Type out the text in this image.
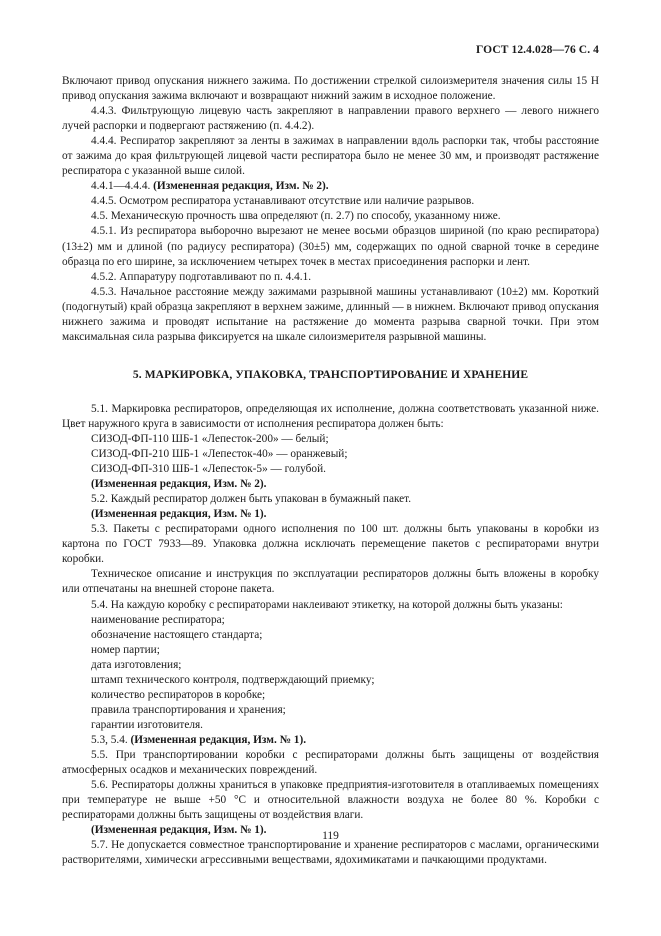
ГОСТ 12.4.028—76 С. 4

Включают привод опускания нижнего зажима. По достижении стрелкой силоизмерителя значения силы 15 Н привод опускания зажима включают и возвращают нижний зажим в исходное положение.

4.4.3. Фильтрующую лицевую часть закрепляют в направлении правого верхнего — левого нижнего лучей распорки и подвергают растяжению (п. 4.4.2).

4.4.4. Респиратор закрепляют за ленты в зажимах в направлении вдоль распорки так, чтобы расстояние от зажима до края фильтрующей лицевой части респиратора было не менее 30 мм, и производят растяжение респиратора с указанной выше силой.

4.4.1—4.4.4. (Измененная редакция, Изм. № 2).

4.4.5. Осмотром респиратора устанавливают отсутствие или наличие разрывов.

4.5. Механическую прочность шва определяют (п. 2.7) по способу, указанному ниже.

4.5.1. Из респиратора выборочно вырезают не менее восьми образцов шириной (по краю респиратора) (13±2) мм и длиной (по радиусу респиратора) (30±5) мм, содержащих по одной сварной точке в середине образца по его ширине, за исключением четырех точек в местах присоединения распорки и лент.

4.5.2. Аппаратуру подготавливают по п. 4.4.1.

4.5.3. Начальное расстояние между зажимами разрывной машины устанавливают (10±2) мм. Короткий (подогнутый) край образца закрепляют в верхнем зажиме, длинный — в нижнем. Включают привод опускания нижнего зажима и проводят испытание на растяжение до момента разрыва сварной точки. При этом максимальная сила разрыва фиксируется на шкале силоизмерителя разрывной машины.

5. МАРКИРОВКА, УПАКОВКА, ТРАНСПОРТИРОВАНИЕ И ХРАНЕНИЕ

5.1. Маркировка респираторов, определяющая их исполнение, должна соответствовать указанной ниже. Цвет наружного круга в зависимости от исполнения респиратора должен быть:

СИЗОД-ФП-110 ШБ-1 «Лепесток-200» — белый;

СИЗОД-ФП-210 ШБ-1 «Лепесток-40» — оранжевый;

СИЗОД-ФП-310 ШБ-1 «Лепесток-5» — голубой.

(Измененная редакция, Изм. № 2).

5.2. Каждый респиратор должен быть упакован в бумажный пакет.

(Измененная редакция, Изм. № 1).

5.3. Пакеты с респираторами одного исполнения по 100 шт. должны быть упакованы в коробки из картона по ГОСТ 7933—89. Упаковка должна исключать перемещение пакетов с респираторами внутри коробки.

Техническое описание и инструкция по эксплуатации респираторов должны быть вложены в коробку или отпечатаны на внешней стороне пакета.

5.4. На каждую коробку с респираторами наклеивают этикетку, на которой должны быть указаны:

наименование респиратора;

обозначение настоящего стандарта;

номер партии;

дата изготовления;

штамп технического контроля, подтверждающий приемку;

количество респираторов в коробке;

правила транспортирования и хранения;

гарантии изготовителя.

5.3, 5.4. (Измененная редакция, Изм. № 1).

5.5. При транспортировании коробки с респираторами должны быть защищены от воздействия атмосферных осадков и механических повреждений.

5.6. Респираторы должны храниться в упаковке предприятия-изготовителя в отапливаемых помещениях при температуре не выше +50 °С и относительной влажности воздуха не более 80 %. Коробки с респираторами должны быть защищены от воздействия влаги.

(Измененная редакция, Изм. № 1).

5.7. Не допускается совместное транспортирование и хранение респираторов с маслами, органическими растворителями, химически агрессивными веществами, ядохимикатами и пачкающими продуктами.

119
